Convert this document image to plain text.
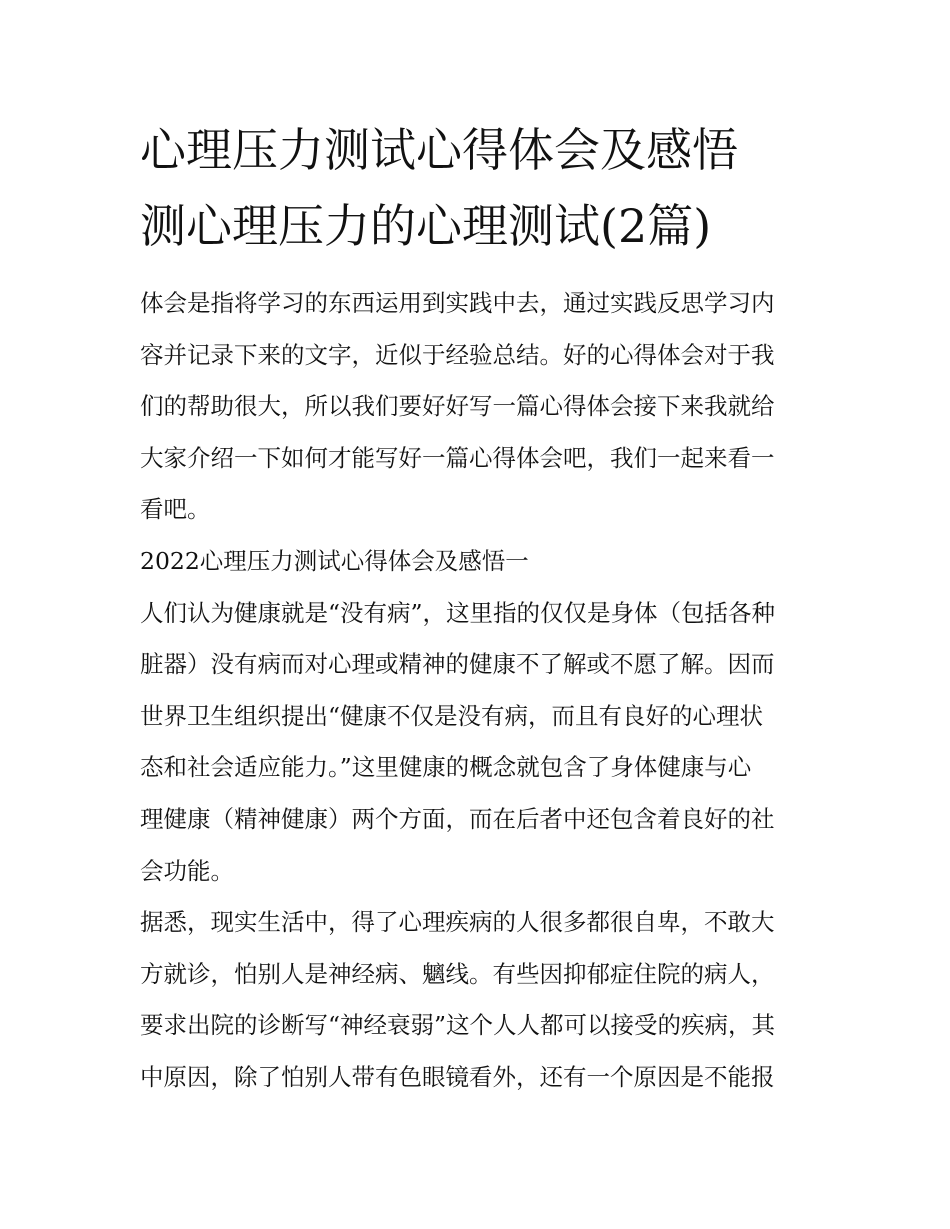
心理压力测试心得体会及感悟
测心理压力的心理测试(2篇)

体会是指将学习的东西运用到实践中去，通过实践反思学习内
容并记录下来的文字，近似于经验总结。好的心得体会对于我
们的帮助很大，所以我们要好好写一篇心得体会接下来我就给
大家介绍一下如何才能写好一篇心得体会吧，我们一起来看一
看吧。

2022心理压力测试心得体会及感悟一

人们认为健康就是“没有病”，这里指的仅仅是身体（包括各种
脏器）没有病而对心理或精神的健康不了解或不愿了解。因而
世界卫生组织提出“健康不仅是没有病，而且有良好的心理状
态和社会适应能力。”这里健康的概念就包含了身体健康与心
理健康（精神健康）两个方面，而在后者中还包含着良好的社
会功能。

据悉，现实生活中，得了心理疾病的人很多都很自卑，不敢大
方就诊，怕别人是神经病、魑线。有些因抑郁症住院的病人，
要求出院的诊断写“神经衰弱”这个人人都可以接受的疾病，其
中原因，除了怕别人带有色眼镜看外，还有一个原因是不能报
